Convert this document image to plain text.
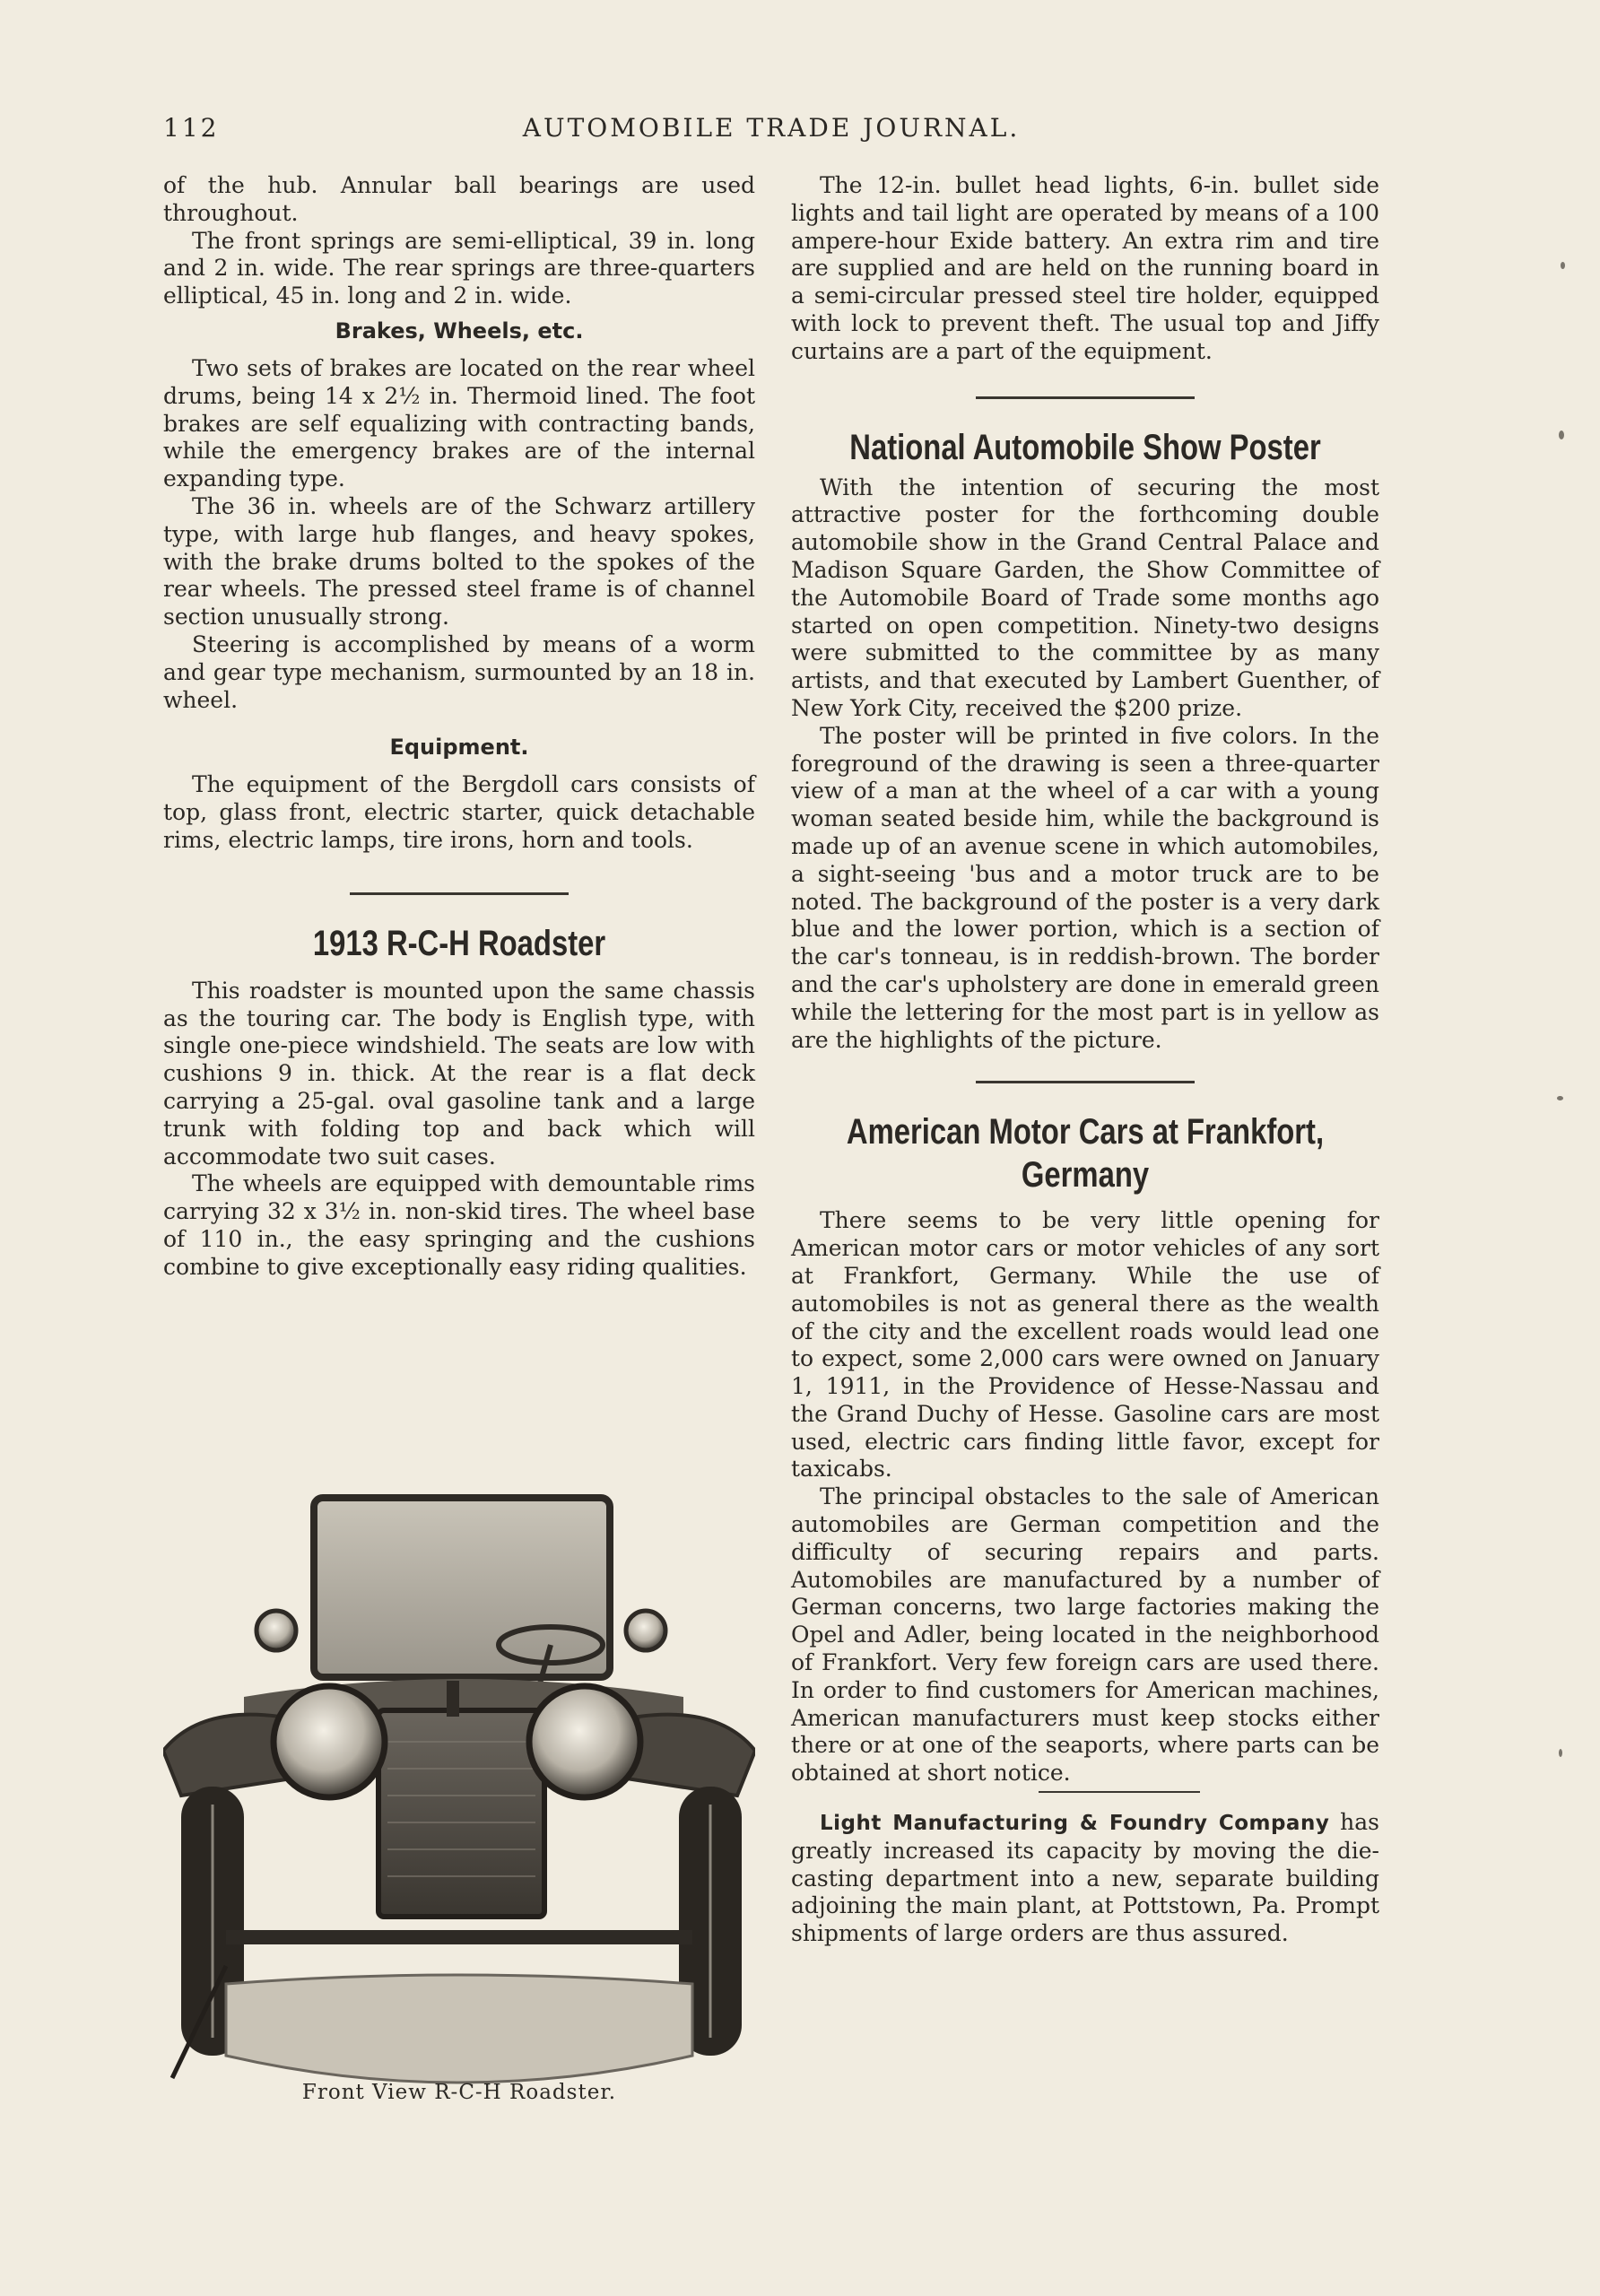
112	AUTOMOBILE TRADE JOURNAL.

of the hub. Annular ball bearings are used throughout.

The front springs are semi-elliptical, 39 in. long and 2 in. wide. The rear springs are three-quarters elliptical, 45 in. long and 2 in. wide.

Brakes, Wheels, etc.

Two sets of brakes are located on the rear wheel drums, being 14 x 2½ in. Thermoid lined. The foot brakes are self equalizing with contracting bands, while the emergency brakes are of the internal expanding type.

The 36 in. wheels are of the Schwarz artillery type, with large hub flanges, and heavy spokes, with the brake drums bolted to the spokes of the rear wheels. The pressed steel frame is of channel section unusually strong.

Steering is accomplished by means of a worm and gear type mechanism, surmounted by an 18 in. wheel.

Equipment.

The equipment of the Bergdoll cars consists of top, glass front, electric starter, quick detachable rims, electric lamps, tire irons, horn and tools.

1913 R-C-H Roadster

This roadster is mounted upon the same chassis as the touring car. The body is English type, with single one-piece windshield. The seats are low with cushions 9 in. thick. At the rear is a flat deck carrying a 25-gal. oval gasoline tank and a large trunk with folding top and back which will accommodate two suit cases.

The wheels are equipped with demountable rims carrying 32 x 3½ in. non-skid tires. The wheel base of 110 in., the easy springing and the cushions combine to give exceptionally easy riding qualities.

Front View R-C-H Roadster.

The 12-in. bullet head lights, 6-in. bullet side lights and tail light are operated by means of a 100 ampere-hour Exide battery. An extra rim and tire are supplied and are held on the running board in a semi-circular pressed steel tire holder, equipped with lock to prevent theft. The usual top and Jiffy curtains are a part of the equipment.

National Automobile Show Poster

With the intention of securing the most attractive poster for the forthcoming double automobile show in the Grand Central Palace and Madison Square Garden, the Show Committee of the Automobile Board of Trade some months ago started on open competition. Ninety-two designs were submitted to the committee by as many artists, and that executed by Lambert Guenther, of New York City, received the $200 prize.

The poster will be printed in five colors. In the foreground of the drawing is seen a three-quarter view of a man at the wheel of a car with a young woman seated beside him, while the background is made up of an avenue scene in which automobiles, a sight-seeing 'bus and a motor truck are to be noted. The background of the poster is a very dark blue and the lower portion, which is a section of the car's tonneau, is in reddish-brown. The border and the car's upholstery are done in emerald green while the lettering for the most part is in yellow as are the highlights of the picture.

American Motor Cars at Frankfort,
Germany

There seems to be very little opening for American motor cars or motor vehicles of any sort at Frankfort, Germany. While the use of automobiles is not as general there as the wealth of the city and the excellent roads would lead one to expect, some 2,000 cars were owned on January 1, 1911, in the Providence of Hesse-Nassau and the Grand Duchy of Hesse. Gasoline cars are most used, electric cars finding little favor, except for taxicabs.

The principal obstacles to the sale of American automobiles are German competition and the difficulty of securing repairs and parts. Automobiles are manufactured by a number of German concerns, two large factories making the Opel and Adler, being located in the neighborhood of Frankfort. Very few foreign cars are used there. In order to find customers for American machines, American manufacturers must keep stocks either there or at one of the seaports, where parts can be obtained at short notice.

Light Manufacturing & Foundry Company has greatly increased its capacity by moving the die-casting department into a new, separate building adjoining the main plant, at Pottstown, Pa. Prompt shipments of large orders are thus assured.
